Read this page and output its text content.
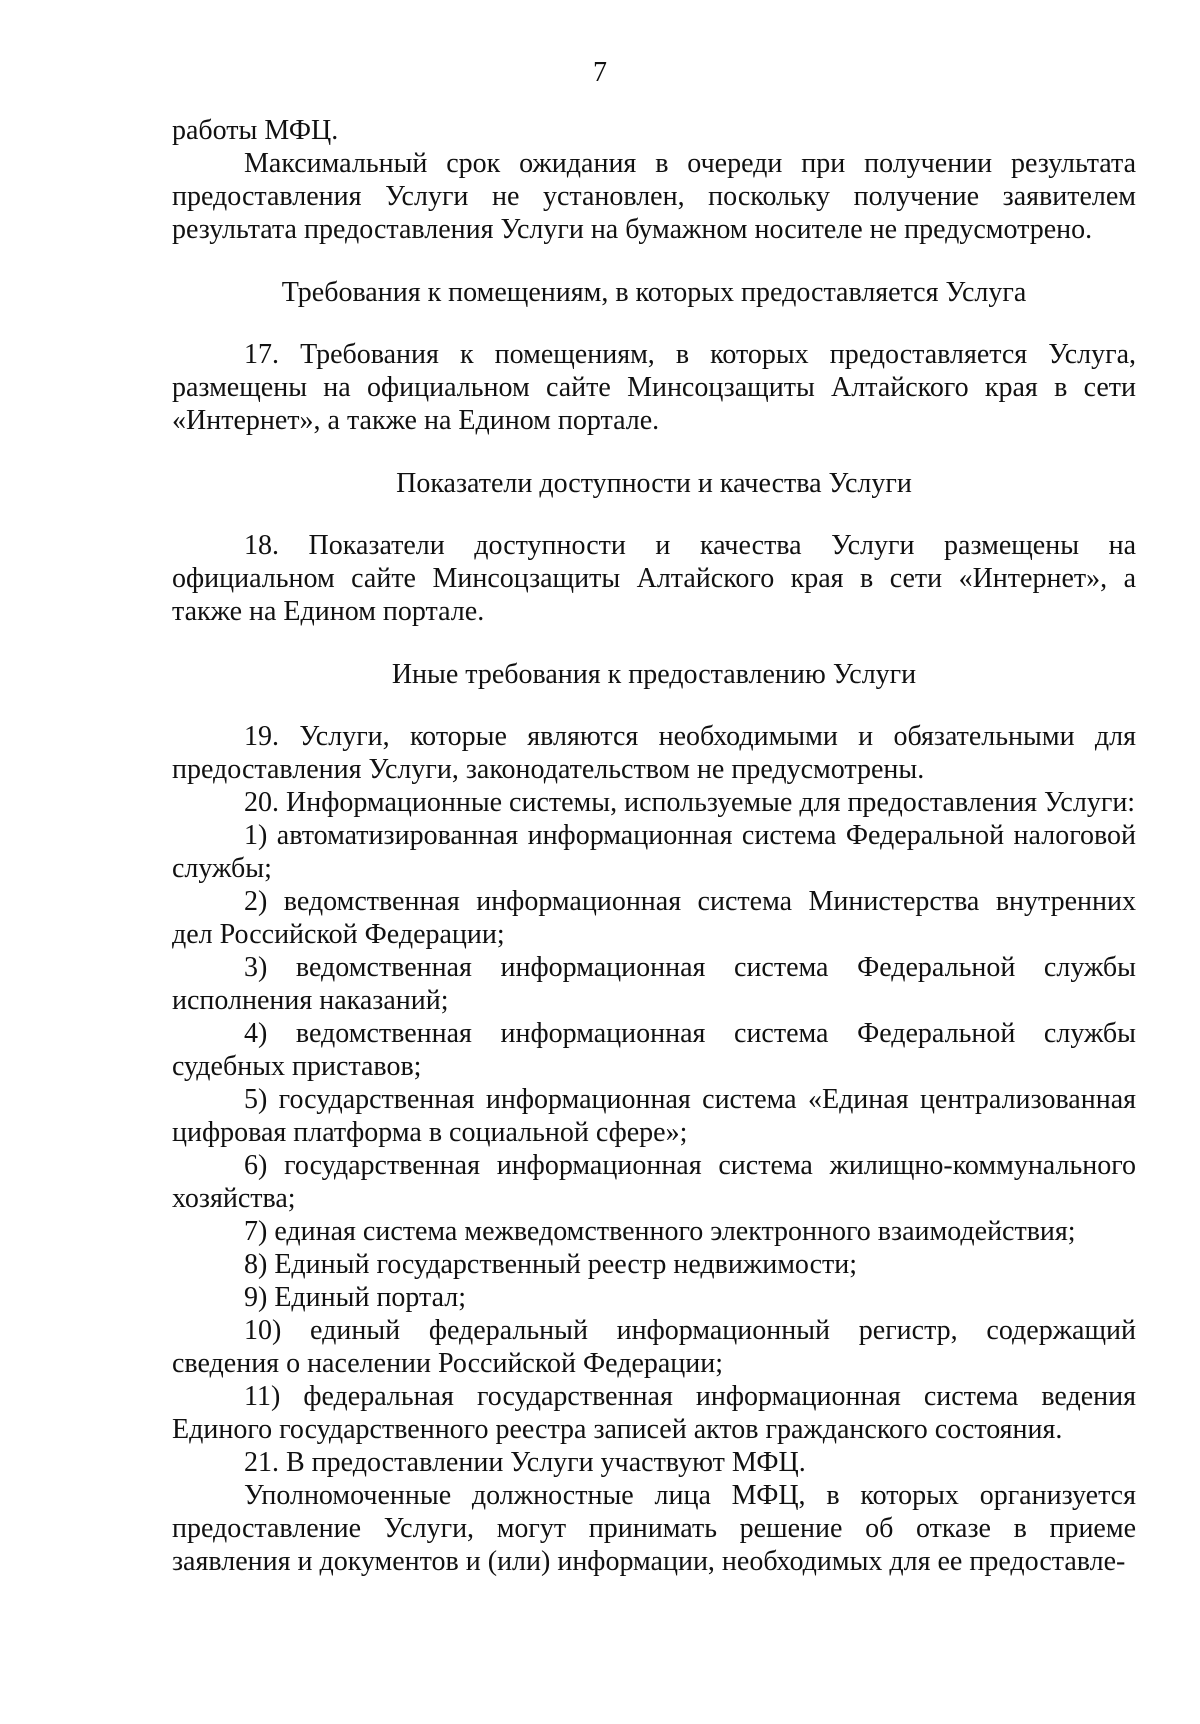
7

работы МФЦ.

Максимальный срок ожидания в очереди при получении результата предоставления Услуги не установлен, поскольку получение заявителем результата предоставления Услуги на бумажном носителе не предусмотрено.

Требования к помещениям, в которых предоставляется Услуга

17. Требования к помещениям, в которых предоставляется Услуга, размещены на официальном сайте Минсоцзащиты Алтайского края в сети «Интернет», а также на Едином портале.

Показатели доступности и качества Услуги

18. Показатели доступности и качества Услуги размещены на официальном сайте Минсоцзащиты Алтайского края в сети «Интернет», а также на Едином портале.

Иные требования к предоставлению Услуги

19. Услуги, которые являются необходимыми и обязательными для предоставления Услуги, законодательством не предусмотрены.

20. Информационные системы, используемые для предоставления Услуги:

1) автоматизированная информационная система Федеральной налоговой службы;

2) ведомственная информационная система Министерства внутренних дел Российской Федерации;

3) ведомственная информационная система Федеральной службы исполнения наказаний;

4) ведомственная информационная система Федеральной службы судебных приставов;

5) государственная информационная система «Единая централизованная цифровая платформа в социальной сфере»;

6) государственная информационная система жилищно-коммунального хозяйства;

7) единая система межведомственного электронного взаимодействия;

8) Единый государственный реестр недвижимости;

9) Единый портал;

10) единый федеральный информационный регистр, содержащий сведения о населении Российской Федерации;

11) федеральная государственная информационная система ведения Единого государственного реестра записей актов гражданского состояния.

21. В предоставлении Услуги участвуют МФЦ.

Уполномоченные должностные лица МФЦ, в которых организуется предоставление Услуги, могут принимать решение об отказе в приеме заявления и документов и (или) информации, необходимых для ее предоставле-
